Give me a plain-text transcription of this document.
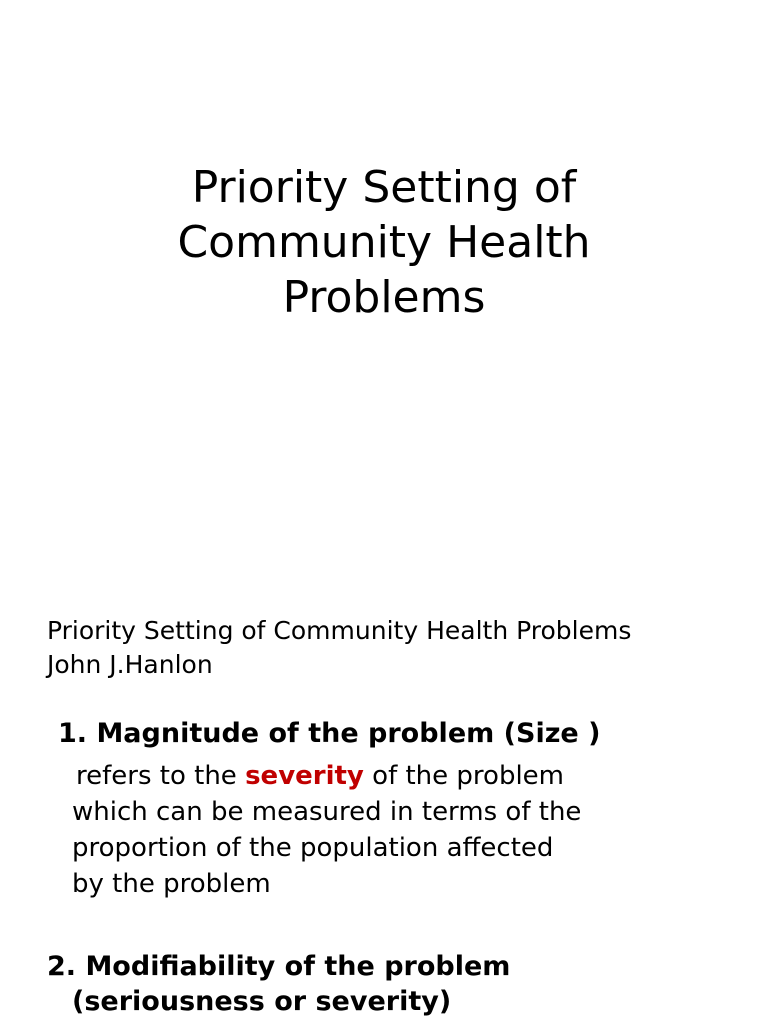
Priority Setting of
Community Health
Problems
Priority Setting of Community Health Problems
John J.Hanlon
1. Magnitude of the problem (Size )
refers to the severity of the problem
which can be measured in terms of the
proportion of the population affected
by the problem
2. Modifiability of the problem
(seriousness or severity)
